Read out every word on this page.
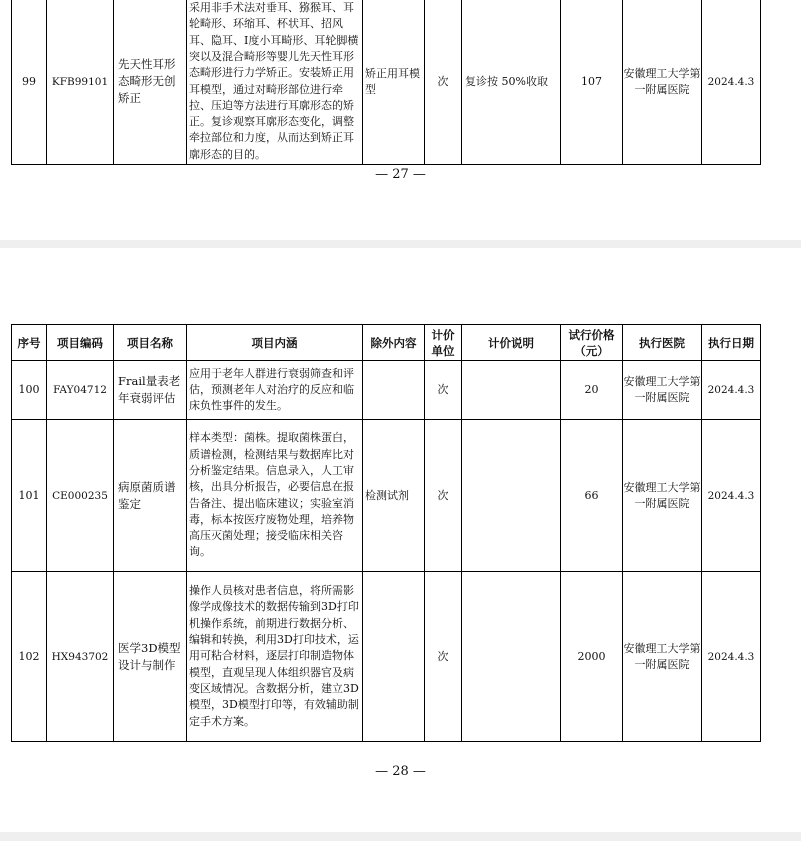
99	KFB99101	先天性耳形态畸形无创矫正	采用非手术法对垂耳、猕猴耳、耳轮畸形、环缩耳、杯状耳、招风耳、隐耳、Ⅰ度小耳畸形、耳轮脚横突以及混合畸形等婴儿先天性耳形态畸形进行力学矫正。安装矫正用耳模型，通过对畸形部位进行牵拉、压迫等方法进行耳廓形态的矫正。复诊观察耳廓形态变化，调整牵拉部位和力度，从而达到矫正耳廓形态的目的。	矫正用耳模型	次	复诊按 50%收取	107	安徽理工大学第一附属医院	2024.4.3
— 27 —
序号	项目编码	项目名称	项目内涵	除外内容	计价单位	计价说明	试行价格（元）	执行医院	执行日期
100	FAY04712	Frail量表老年衰弱评估	应用于老年人群进行衰弱筛查和评估，预测老年人对治疗的反应和临床负性事件的发生。		次		20	安徽理工大学第一附属医院	2024.4.3
101	CE000235	病原菌质谱鉴定	样本类型：菌株。提取菌株蛋白，质谱检测，检测结果与数据库比对分析鉴定结果。信息录入，人工审核，出具分析报告，必要信息在报告备注、提出临床建议；实验室消毒，标本按医疗废物处理，培养物高压灭菌处理；接受临床相关咨询。	检测试剂	次		66	安徽理工大学第一附属医院	2024.4.3
102	HX943702	医学3D模型设计与制作	操作人员核对患者信息，将所需影像学成像技术的数据传输到3D打印机操作系统，前期进行数据分析、编辑和转换，利用3D打印技术，运用可粘合材料，逐层打印制造物体模型，直观呈现人体组织器官及病变区域情况。含数据分析，建立3D模型，3D模型打印等，有效辅助制定手术方案。		次		2000	安徽理工大学第一附属医院	2024.4.3
— 28 —
